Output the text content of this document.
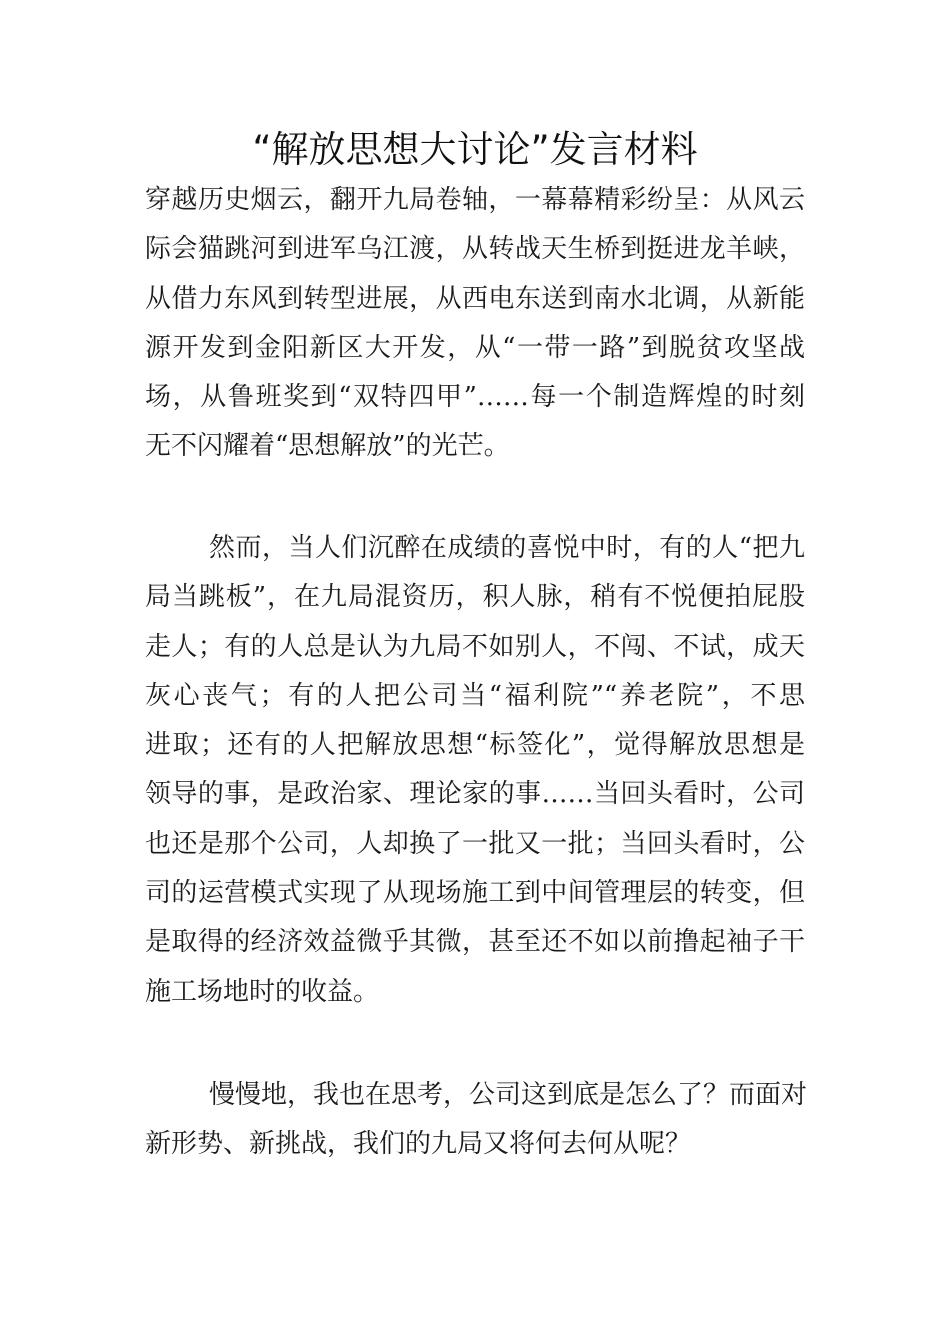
“解放思想大讨论”发言材料
穿越历史烟云，翻开九局卷轴，一幕幕精彩纷呈：从风云
际会猫跳河到进军乌江渡，从转战天生桥到挺进龙羊峡，
从借力东风到转型进展，从西电东送到南水北调，从新能
源开发到金阳新区大开发，从“一带一路”到脱贫攻坚战
场，从鲁班奖到“双特四甲”……每一个制造辉煌的时刻
无不闪耀着“思想解放”的光芒。
然而，当人们沉醉在成绩的喜悦中时，有的人“把九
局当跳板”，在九局混资历，积人脉，稍有不悦便拍屁股
走人；有的人总是认为九局不如别人，不闯、不试，成天
灰心丧气；有的人把公司当“福利院”“养老院”，不思
进取；还有的人把解放思想“标签化”，觉得解放思想是
领导的事，是政治家、理论家的事……当回头看时，公司
也还是那个公司，人却换了一批又一批；当回头看时，公
司的运营模式实现了从现场施工到中间管理层的转变，但
是取得的经济效益微乎其微，甚至还不如以前撸起袖子干
施工场地时的收益。
慢慢地，我也在思考，公司这到底是怎么了？而面对
新形势、新挑战，我们的九局又将何去何从呢？
